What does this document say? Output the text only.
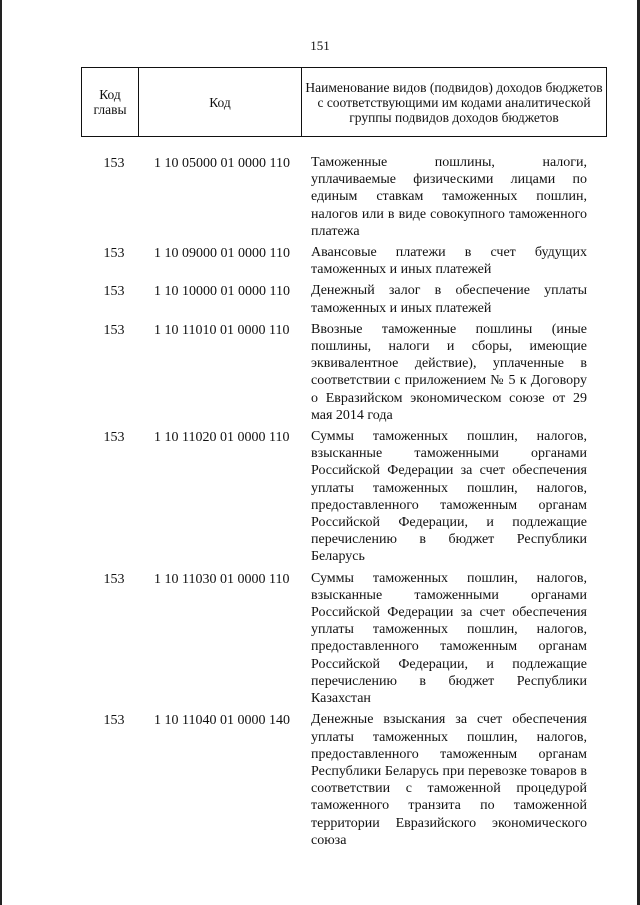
151
Код главы	Код	Наименование видов (подвидов) доходов бюджетов с соответствующими им кодами аналитической группы подвидов доходов бюджетов
153	1 10 05000 01 0000 110	Таможенные пошлины, налоги, уплачиваемые физическими лицами по единым ставкам таможенных пошлин, налогов или в виде совокупного таможенного платежа
153	1 10 09000 01 0000 110	Авансовые платежи в счет будущих таможенных и иных платежей
153	1 10 10000 01 0000 110	Денежный залог в обеспечение уплаты таможенных и иных платежей
153	1 10 11010 01 0000 110	Ввозные таможенные пошлины (иные пошлины, налоги и сборы, имеющие эквивалентное действие), уплаченные в соответствии с приложением № 5 к Договору о Евразийском экономическом союзе от 29 мая 2014 года
153	1 10 11020 01 0000 110	Суммы таможенных пошлин, налогов, взысканные таможенными органами Российской Федерации за счет обеспечения уплаты таможенных пошлин, налогов, предоставленного таможенным органам Российской Федерации, и подлежащие перечислению в бюджет Республики Беларусь
153	1 10 11030 01 0000 110	Суммы таможенных пошлин, налогов, взысканные таможенными органами Российской Федерации за счет обеспечения уплаты таможенных пошлин, налогов, предоставленного таможенным органам Российской Федерации, и подлежащие перечислению в бюджет Республики Казахстан
153	1 10 11040 01 0000 140	Денежные взыскания за счет обеспечения уплаты таможенных пошлин, налогов, предоставленного таможенным органам Республики Беларусь при перевозке товаров в соответствии с таможенной процедурой таможенного транзита по таможенной территории Евразийского экономического союза
